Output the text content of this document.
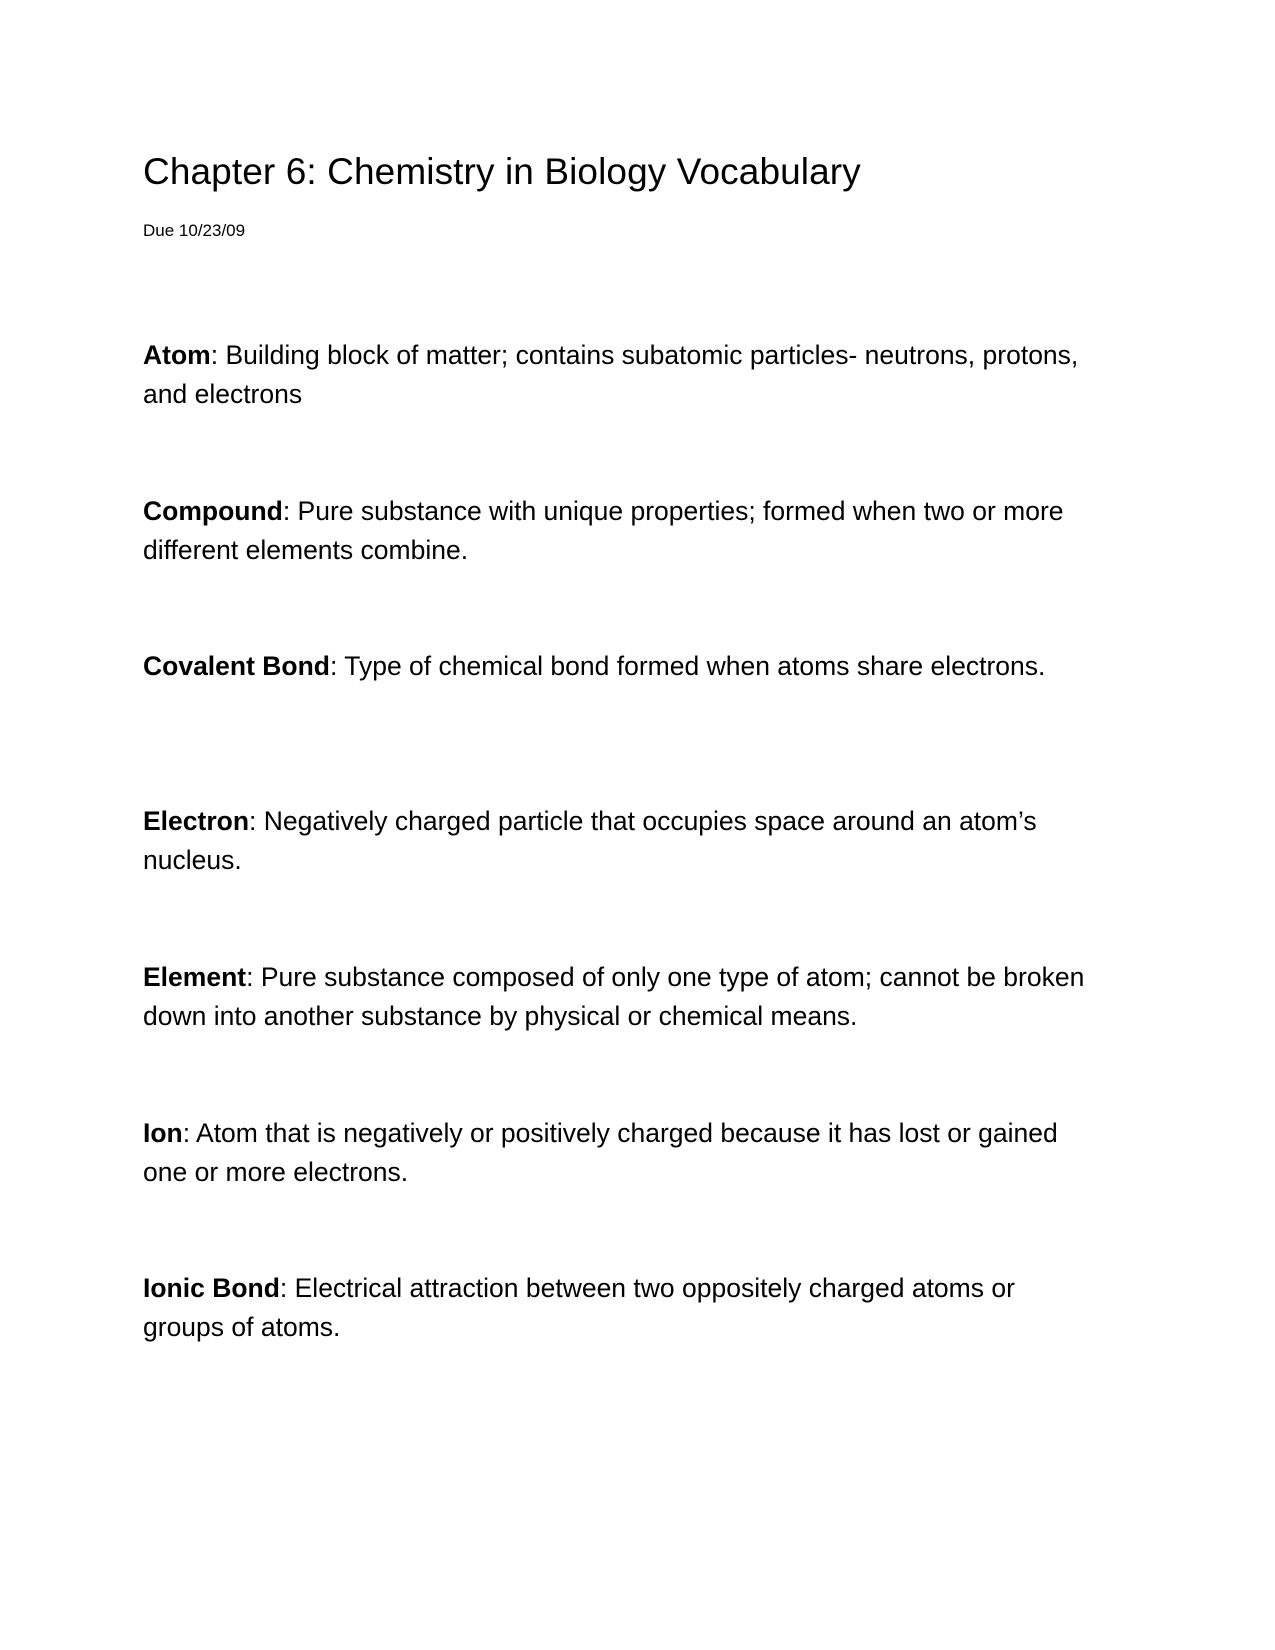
Chapter 6: Chemistry in Biology Vocabulary
Due 10/23/09

Atom: Building block of matter; contains subatomic particles- neutrons, protons, and electrons

Compound: Pure substance with unique properties; formed when two or more different elements combine.

Covalent Bond: Type of chemical bond formed when atoms share electrons.

Electron: Negatively charged particle that occupies space around an atom’s nucleus.

Element: Pure substance composed of only one type of atom; cannot be broken down into another substance by physical or chemical means.

Ion: Atom that is negatively or positively charged because it has lost or gained one or more electrons.

Ionic Bond: Electrical attraction between two oppositely charged atoms or groups of atoms.
